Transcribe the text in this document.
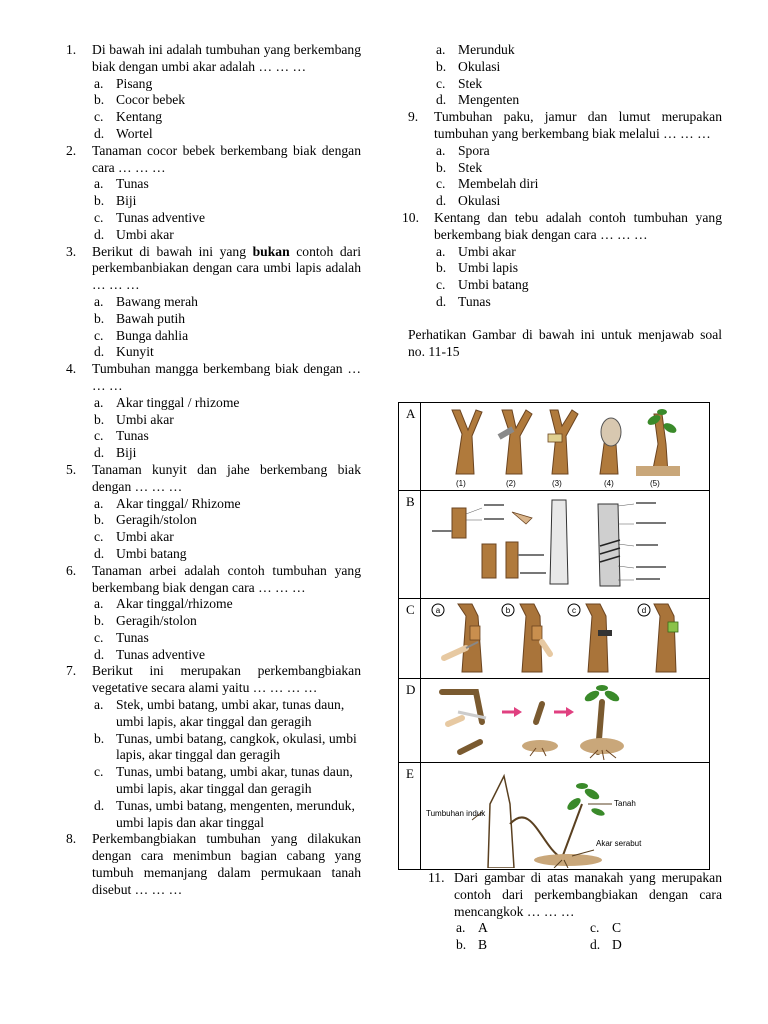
1.	Di bawah ini adalah tumbuhan yang berkembang biak dengan umbi akar adalah … … …
a. Pisang
b. Cocor bebek
c. Kentang
d. Wortel
2.	Tanaman cocor bebek berkembang biak dengan cara … … …
a. Tunas
b. Biji
c. Tunas adventive
d. Umbi akar
3.	Berikut di bawah ini yang bukan contoh dari perkembanbiakan dengan cara umbi lapis adalah … … …
a. Bawang merah
b. Bawah putih
c. Bunga dahlia
d. Kunyit
4.	Tumbuhan mangga berkembang biak dengan … … …
a. Akar tinggal / rhizome
b. Umbi akar
c. Tunas
d. Biji
5.	Tanaman kunyit dan jahe berkembang biak dengan … … …
a. Akar tinggal/ Rhizome
b. Geragih/stolon
c. Umbi akar
d. Umbi batang
6.	Tanaman arbei adalah contoh tumbuhan yang berkembang biak dengan cara … … …
a. Akar tinggal/rhizome
b. Geragih/stolon
c. Tunas
d. Tunas adventive
7.	Berikut ini merupakan perkembangbiakan vegetative secara alami yaitu … … … …
a. Stek, umbi batang, umbi akar, tunas daun, umbi lapis, akar tinggal dan geragih
b. Tunas, umbi batang, cangkok, okulasi, umbi lapis, akar tinggal dan geragih
c. Tunas, umbi batang, umbi akar, tunas daun, umbi lapis, akar tinggal dan geragih
d. Tunas, umbi batang, mengenten, merunduk, umbi lapis dan akar tinggal
8.	Perkembangbiakan tumbuhan yang dilakukan dengan cara menimbun bagian cabang yang tumbuh memanjang dalam permukaan tanah disebut … … …
a. Merunduk
b. Okulasi
c. Stek
d. Mengenten
9.	Tumbuhan paku, jamur dan lumut merupakan tumbuhan yang berkembang biak melalui … … …
a. Spora
b. Stek
c. Membelah diri
d. Okulasi
10.	Kentang dan tebu adalah contoh tumbuhan yang berkembang biak dengan cara … … …
a. Umbi akar
b. Umbi lapis
c. Umbi batang
d. Tunas
Perhatikan Gambar di bawah ini untuk menjawab soal no. 11-15
A
B
C
D
E
(1)	(2)	(3)	(4)	(5)
a	b	c	d
Tumbuhan induk
Tanah
Akar serabut
11. Dari gambar di atas manakah yang merupakan contoh dari perkembangbiakan dengan cara mencangkok … … …
a. A	c. C
b. B	d. D
